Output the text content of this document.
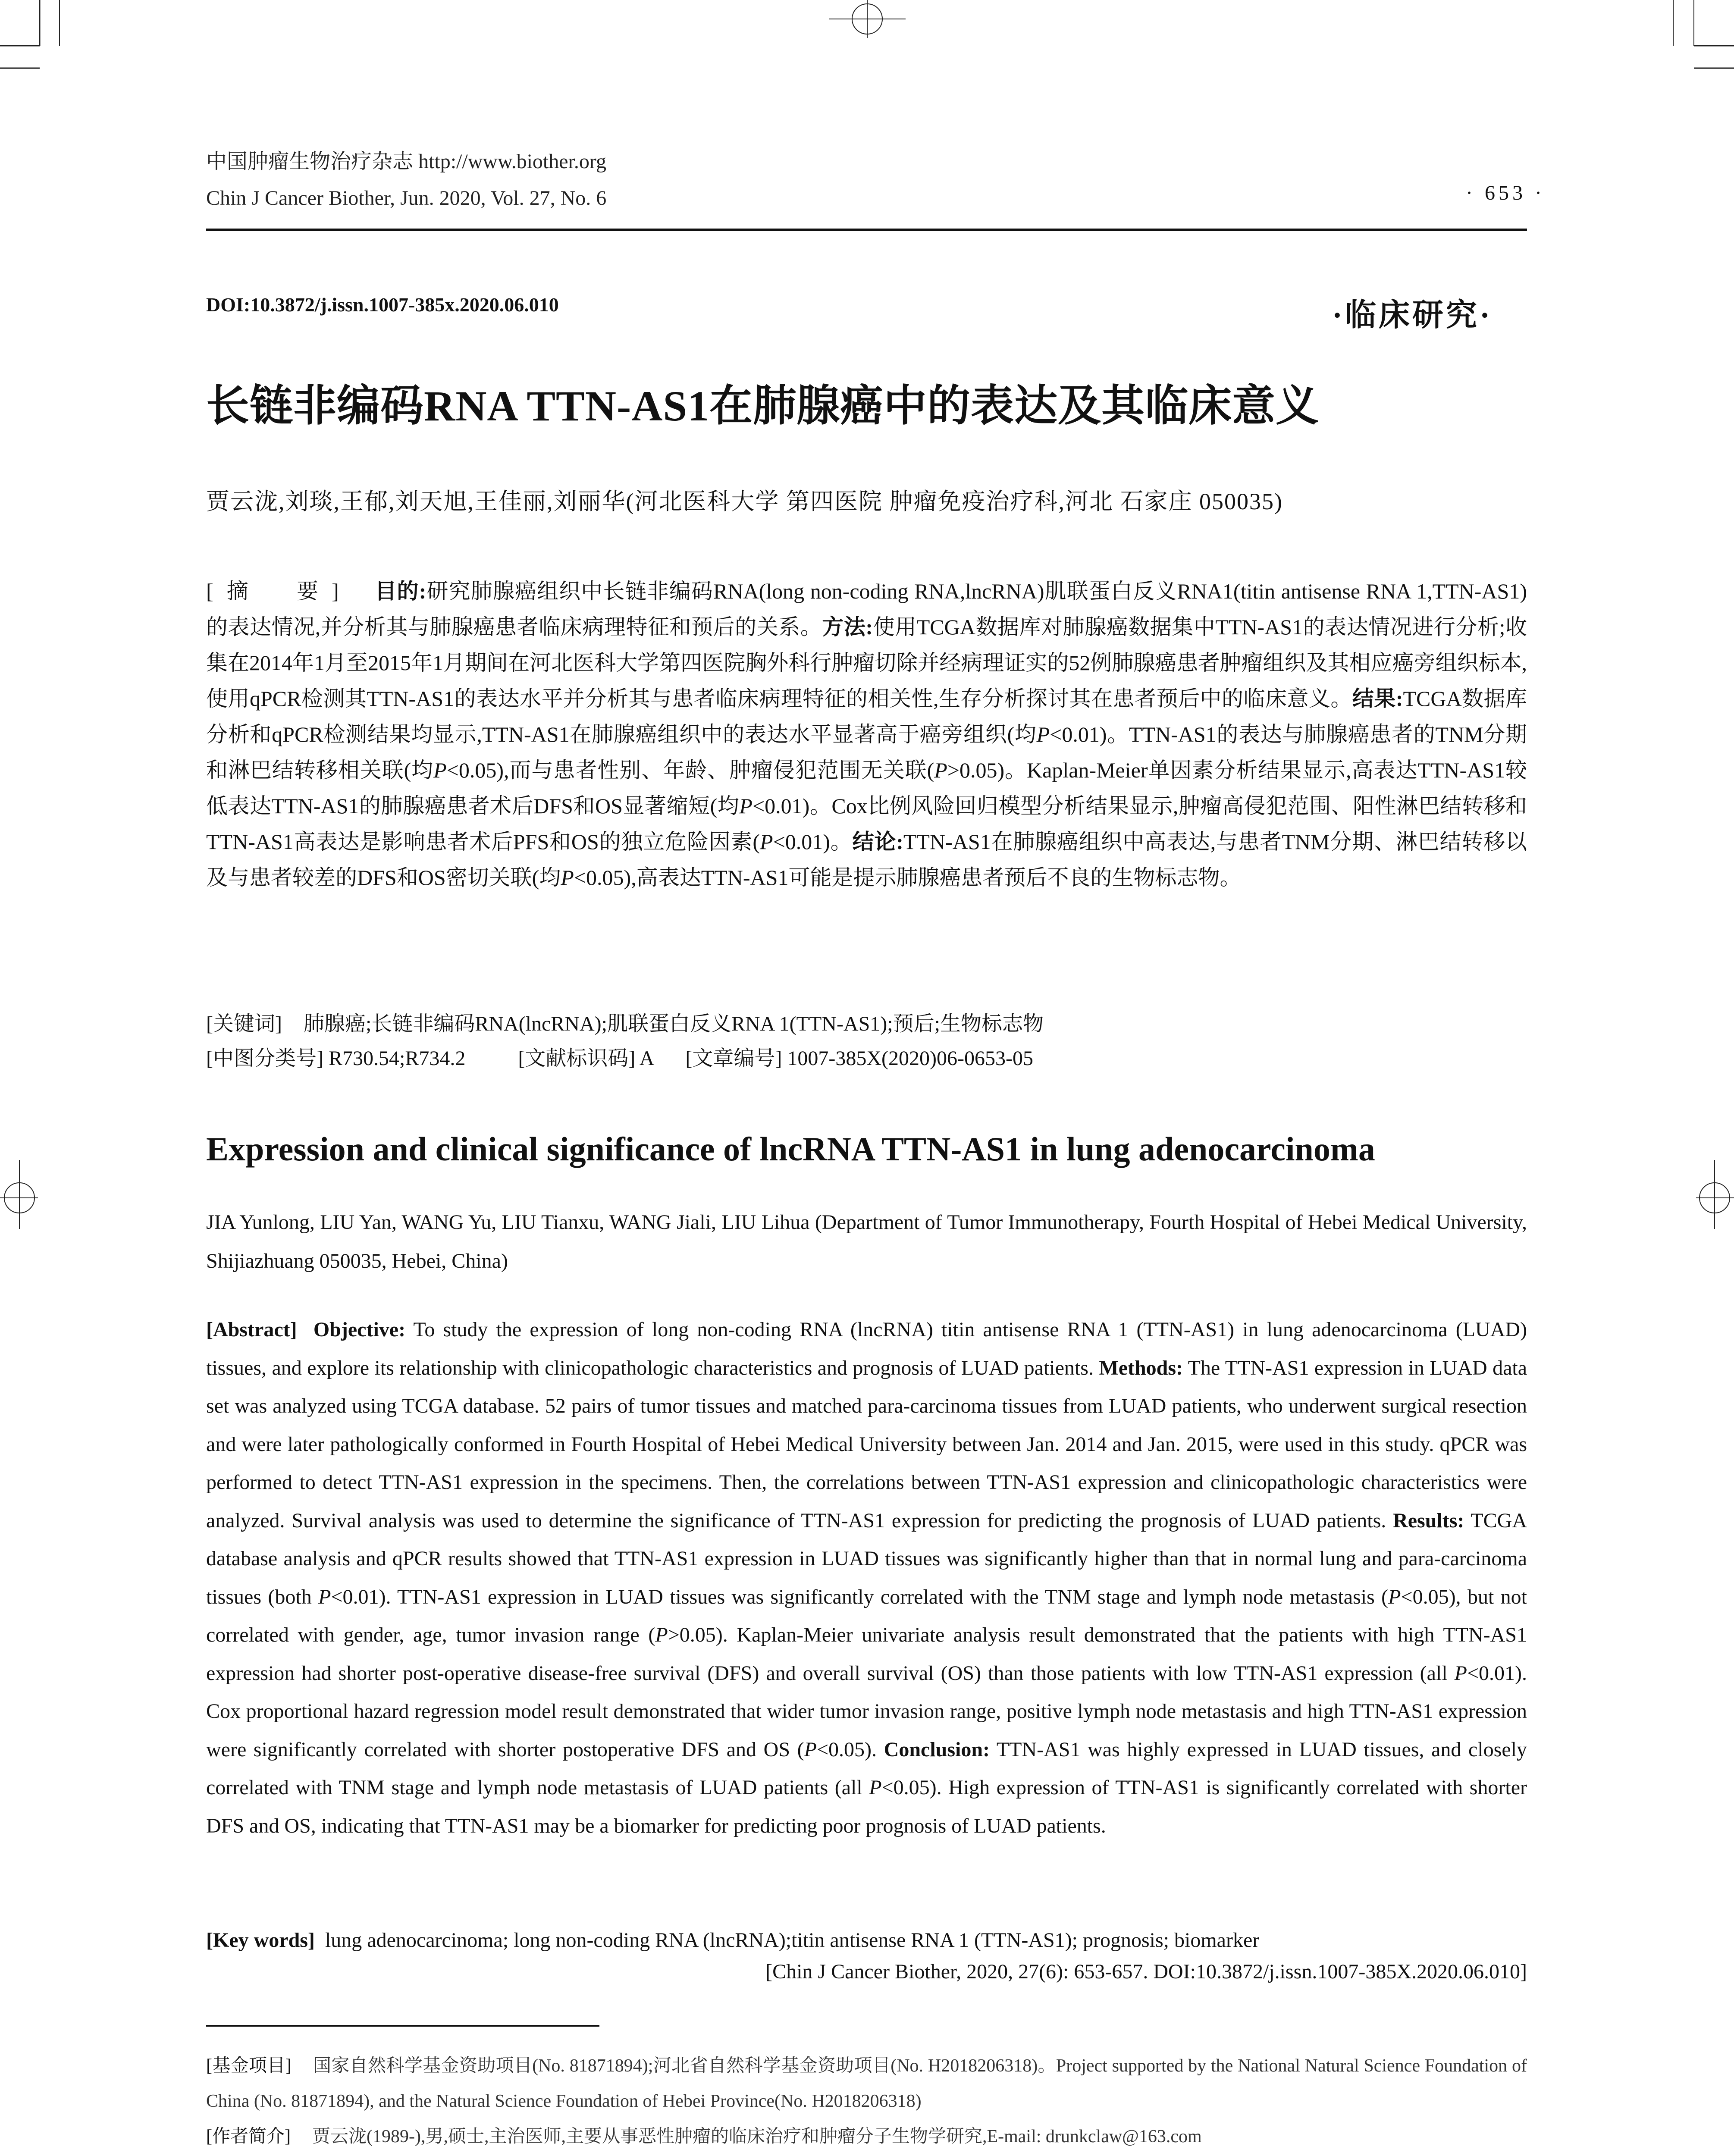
中国肿瘤生物治疗杂志 http://www.biother.org
Chin J Cancer Biother, Jun. 2020, Vol. 27, No. 6	· 653 ·
DOI:10.3872/j.issn.1007-385x.2020.06.010	·临床研究·
长链非编码RNA TTN-AS1在肺腺癌中的表达及其临床意义
贾云泷,刘琰,王郁,刘天旭,王佳丽,刘丽华(河北医科大学 第四医院 肿瘤免疫治疗科,河北 石家庄 050035)

[摘　要] 目的:研究肺腺癌组织中长链非编码RNA(long non-coding RNA,lncRNA)肌联蛋白反义RNA1(titin antisense RNA 1,TTN-AS1)的表达情况,并分析其与肺腺癌患者临床病理特征和预后的关系。方法:使用TCGA数据库对肺腺癌数据集中TTN-AS1的表达情况进行分析;收集在2014年1月至2015年1月期间在河北医科大学第四医院胸外科行肿瘤切除并经病理证实的52例肺腺癌患者肿瘤组织及其相应癌旁组织标本,使用qPCR检测其TTN-AS1的表达水平并分析其与患者临床病理特征的相关性,生存分析探讨其在患者预后中的临床意义。结果:TCGA数据库分析和qPCR检测结果均显示,TTN-AS1在肺腺癌组织中的表达水平显著高于癌旁组织(均P<0.01)。TTN-AS1的表达与肺腺癌患者的TNM分期和淋巴结转移相关联(均P<0.05),而与患者性别、年龄、肿瘤侵犯范围无关联(P>0.05)。Kaplan-Meier单因素分析结果显示,高表达TTN-AS1较低表达TTN-AS1的肺腺癌患者术后DFS和OS显著缩短(均P<0.01)。Cox比例风险回归模型分析结果显示,肿瘤高侵犯范围、阳性淋巴结转移和TTN-AS1高表达是影响患者术后PFS和OS的独立危险因素(P<0.01)。结论:TTN-AS1在肺腺癌组织中高表达,与患者TNM分期、淋巴结转移以及与患者较差的DFS和OS密切关联(均P<0.05),高表达TTN-AS1可能是提示肺腺癌患者预后不良的生物标志物。

[关键词] 肺腺癌;长链非编码RNA(lncRNA);肌联蛋白反义RNA 1(TTN-AS1);预后;生物标志物
[中图分类号] R730.54;R734.2	[文献标识码] A [文章编号] 1007-385X(2020)06-0653-05
Expression and clinical significance of lncRNA TTN-AS1 in lung adenocarcinoma
JIA Yunlong, LIU Yan, WANG Yu, LIU Tianxu, WANG Jiali, LIU Lihua (Department of Tumor Immunotherapy, Fourth Hospital of Hebei Medical University, Shijiazhuang 050035, Hebei, China)

[Abstract] Objective: To study the expression of long non-coding RNA (lncRNA) titin antisense RNA 1 (TTN-AS1) in lung adenocarcinoma (LUAD) tissues, and explore its relationship with clinicopathologic characteristics and prognosis of LUAD patients. Methods: The TTN-AS1 expression in LUAD data set was analyzed using TCGA database. 52 pairs of tumor tissues and matched para-carcinoma tissues from LUAD patients, who underwent surgical resection and were later pathologically conformed in Fourth Hospital of Hebei Medical University between Jan. 2014 and Jan. 2015, were used in this study. qPCR was performed to detect TTN-AS1 expression in the specimens. Then, the correlations between TTN-AS1 expression and clinicopathologic characteristics were analyzed. Survival analysis was used to determine the significance of TTN-AS1 expression for predicting the prognosis of LUAD patients. Results: TCGA database analysis and qPCR results showed that TTN-AS1 expression in LUAD tissues was significantly higher than that in normal lung and para-carcinoma tissues (both P<0.01). TTN-AS1 expression in LUAD tissues was significantly correlated with the TNM stage and lymph node metastasis (P<0.05), but not correlated with gender, age, tumor invasion range (P>0.05). Kaplan-Meier univariate analysis result demonstrated that the patients with high TTN-AS1 expression had shorter post-operative disease-free survival (DFS) and overall survival (OS) than those patients with low TTN-AS1 expression (all P<0.01). Cox proportional hazard regression model result demonstrated that wider tumor invasion range, positive lymph node metastasis and high TTN-AS1 expression were significantly correlated with shorter postoperative DFS and OS (P<0.05). Conclusion: TTN-AS1 was highly expressed in LUAD tissues, and closely correlated with TNM stage and lymph node metastasis of LUAD patients (all P<0.05). High expression of TTN-AS1 is significantly correlated with shorter DFS and OS, indicating that TTN-AS1 may be a biomarker for predicting poor prognosis of LUAD patients.

[Key words] lung adenocarcinoma; long non-coding RNA (lncRNA);titin antisense RNA 1 (TTN-AS1); prognosis; biomarker
[Chin J Cancer Biother, 2020, 27(6): 653-657. DOI:10.3872/j.issn.1007-385X.2020.06.010]

[基金项目] 国家自然科学基金资助项目(No. 81871894);河北省自然科学基金资助项目(No. H2018206318)。Project supported by the National Natural Science Foundation of China (No. 81871894), and the Natural Science Foundation of Hebei Province(No. H2018206318)

[作者简介] 贾云泷(1989-),男,硕士,主治医师,主要从事恶性肿瘤的临床治疗和肿瘤分子生物学研究,E-mail: drunkclaw@163.com
